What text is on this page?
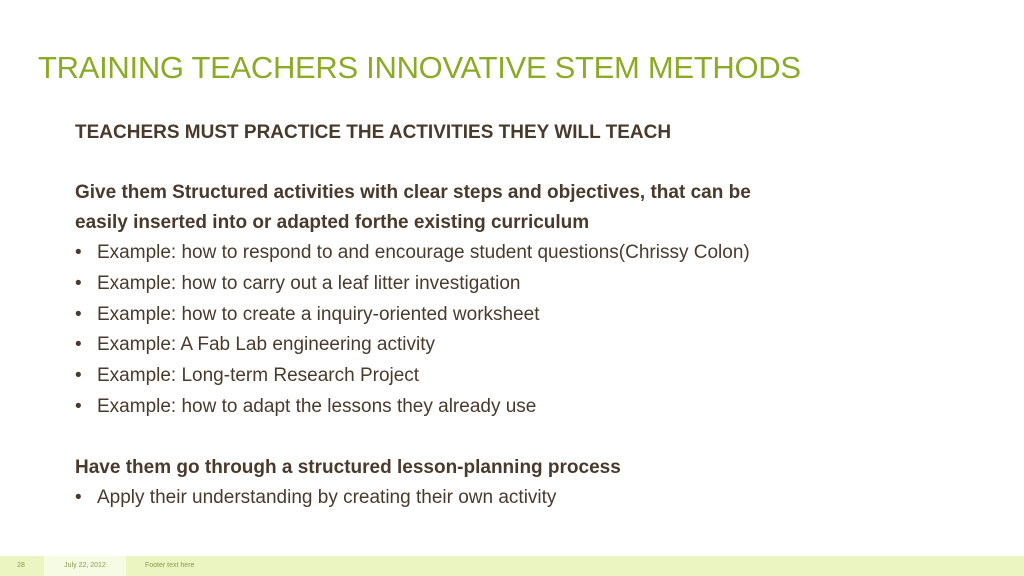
TRAINING TEACHERS INNOVATIVE STEM METHODS
TEACHERS MUST PRACTICE THE ACTIVITIES THEY WILL TEACH
Give them Structured activities with clear steps and objectives, that can be
easily inserted into or adapted forthe existing curriculum
• Example: how to respond to and encourage student questions(Chrissy Colon)
• Example: how to carry out a leaf litter investigation
• Example: how to create a inquiry-oriented worksheet
• Example: A Fab Lab engineering activity
• Example: Long-term Research Project
• Example: how to adapt the lessons they already use
Have them go through a structured lesson-planning process
• Apply their understanding by creating their own activity
28	July 22, 2012	Footer text here
